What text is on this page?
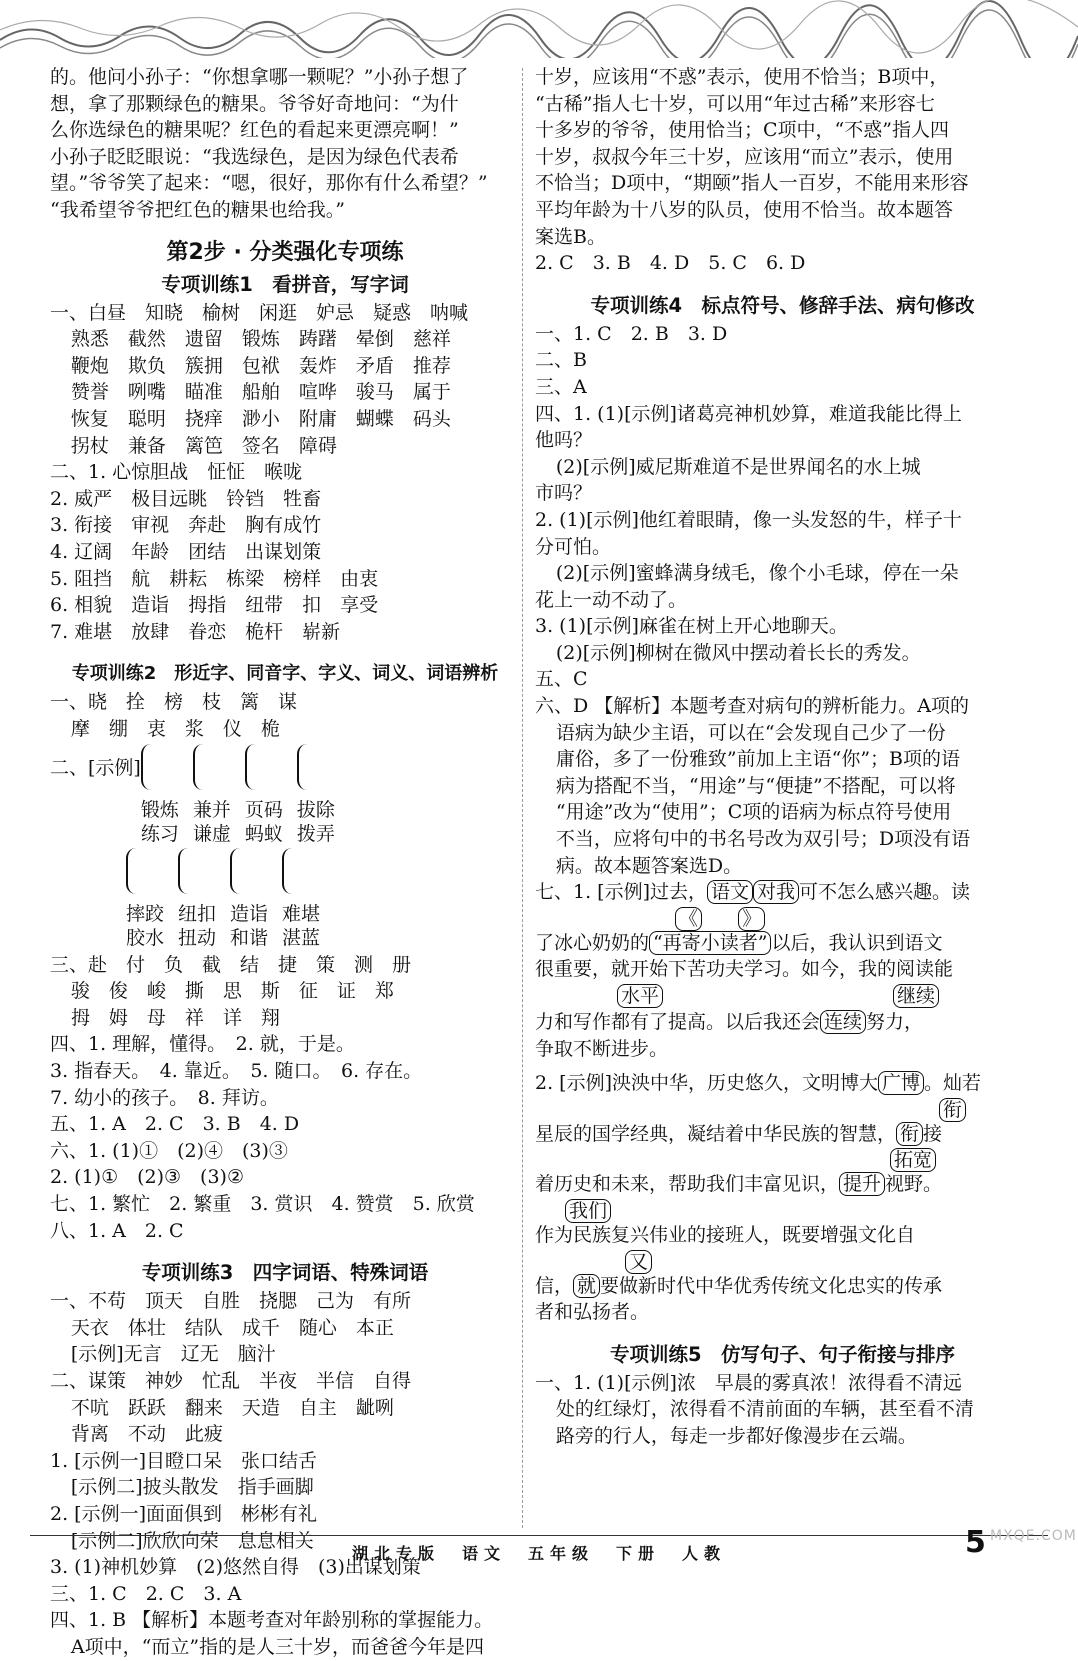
的。他问小孙子：“你想拿哪一颗呢？”小孙子想了

想，拿了那颗绿色的糖果。爷爷好奇地问：“为什

么你选绿色的糖果呢？红色的看起来更漂亮啊！”

小孙子眨眨眼说：“我选绿色，是因为绿色代表希

望。”爷爷笑了起来：“嗯，很好，那你有什么希望？”

“我希望爷爷把红色的糖果也给我。”

第2步 · 分类强化专项练

专项训练1　看拼音，写字词

一、白昼　知晓　榆树　闲逛　妒忌　疑惑　呐喊

熟悉　截然　遗留　锻炼　踌躇　晕倒　慈祥

鞭炮　欺负　簇拥　包袱　轰炸　矛盾　推荐

赞誉　咧嘴　瞄准　船舶　喧哗　骏马　属于

恢复　聪明　挠痒　渺小　附庸　蝴蝶　码头

拐杖　兼备　篱笆　签名　障碍

二、1. 心惊胆战　怔怔　喉咙

2. 威严　极目远眺　铃铛　牲畜

3. 衔接　审视　奔赴　胸有成竹

4. 辽阔　年龄　团结　出谋划策

5. 阻挡　航　耕耘　栋梁　榜样　由衷

6. 相貌　造诣　拇指　纽带　扣　享受

7. 难堪　放肆　眷恋　桅杆　崭新

专项训练2　形近字、同音字、字义、词义、词语辨析

一、晓　拴　榜　枝　篱　谋

摩　绷　衷　浆　仪　桅

二、[示例]
锻炼
练习
兼并
谦虚
页码
蚂蚁
拔除
拨弄
摔跤
胶水
纽扣
扭动
造诣
和谐
难堪
湛蓝

三、赴　付　负　截　结　捷　策　测　册

骏　俊　峻　撕　思　斯　征　证　郑

拇　姆　母　祥　详　翔

四、1. 理解，懂得。　2. 就，于是。

3. 指春天。　4. 靠近。　5. 随口。　6. 存在。

7. 幼小的孩子。　8. 拜访。

五、1. A　2. C　3. B　4. D

六、1. (1)①　(2)④　(3)③

2. (1)①　(2)③　(3)②

七、1. 繁忙　2. 繁重　3. 赏识　4. 赞赏　5. 欣赏

八、1. A　2. C

专项训练3　四字词语、特殊词语

一、不苟　顶天　自胜　挠腮　己为　有所

天衣　体壮　结队　成千　随心　本正

[示例]无言　辽无　脑汁

二、谋策　神妙　忙乱　半夜　半信　自得

不吭　跃跃　翻来　天造　自主　龇咧

背离　不动　此疲

1. [示例一]目瞪口呆　张口结舌

[示例二]披头散发　指手画脚

2. [示例一]面面俱到　彬彬有礼

[示例二]欣欣向荣　息息相关

3. (1)神机妙算　(2)悠然自得　(3)出谋划策

三、1. C　2. C　3. A

四、1. B 【解析】本题考查对年龄别称的掌握能力。

A项中，“而立”指的是人三十岁，而爸爸今年是四

十岁，应该用“不惑”表示，使用不恰当；B项中，

“古稀”指人七十岁，可以用“年过古稀”来形容七

十多岁的爷爷，使用恰当；C项中，“不惑”指人四

十岁，叔叔今年三十岁，应该用“而立”表示，使用

不恰当；D项中，“期颐”指人一百岁，不能用来形容

平均年龄为十八岁的队员，使用不恰当。故本题答

案选B。

2. C　3. B　4. D　5. C　6. D

专项训练4　标点符号、修辞手法、病句修改

一、1. C　2. B　3. D

二、B

三、A

四、1. (1)[示例]诸葛亮神机妙算，难道我能比得上

他吗？

(2)[示例]威尼斯难道不是世界闻名的水上城

市吗？

2. (1)[示例]他红着眼睛，像一头发怒的牛，样子十

分可怕。

(2)[示例]蜜蜂满身绒毛，像个小毛球，停在一朵

花上一动不动了。

3. (1)[示例]麻雀在树上开心地聊天。

(2)[示例]柳树在微风中摆动着长长的秀发。

五、C

六、D 【解析】本题考查对病句的辨析能力。A项的

语病为缺少主语，可以在“会发现自己少了一份

庸俗，多了一份雅致”前加上主语“你”；B项的语

病为搭配不当，“用途”与“便捷”不搭配，可以将

“用途”改为“使用”；C项的语病为标点符号使用

不当，应将句中的书名号改为双引号；D项没有语

病。故本题答案选D。

七、1. [示例]过去， 语文 对我 可不怎么感兴趣。读

《 》

了冰心奶奶的 “再寄小读者” 以后，我认识到语文

很重要，就开始下苦功夫学习。如今，我的阅读能

水平	继续

力和写作都有了提高。以后我还会 连续 努力，

争取不断进步。

2. [示例]泱泱中华，历史悠久，文明博大 广博 。灿若

衔

星辰的国学经典，凝结着中华民族的智慧， 衔 接

拓宽

着历史和未来，帮助我们丰富见识， 提升 视野。

我们

作为民族复兴伟业的接班人，既要增强文化自

又

信， 就 要做新时代中华优秀传统文化忠实的传承

者和弘扬者。

专项训练5　仿写句子、句子衔接与排序

一、1. (1)[示例]浓　早晨的雾真浓！浓得看不清远

处的红绿灯，浓得看不清前面的车辆，甚至看不清

路旁的行人，每走一步都好像漫步在云端。

湖北专版　语文　五年级　下册　人教	5 MXQE.COM
